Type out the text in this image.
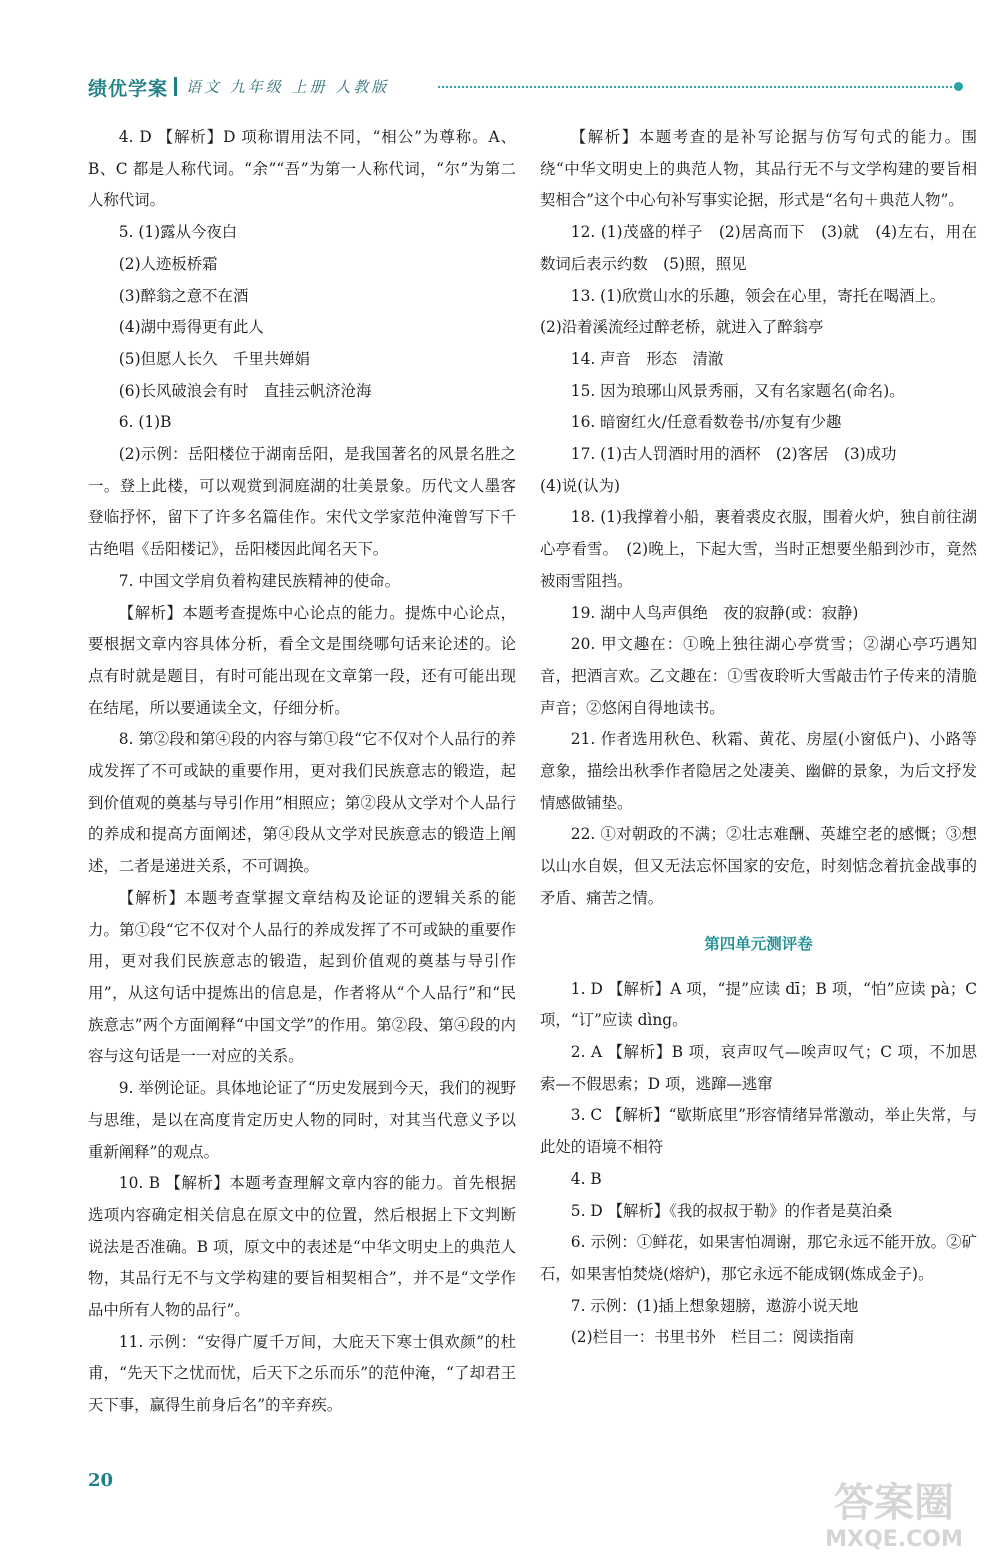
绩优学案 语文 九年级 上册 人教版

4. D 【解析】D 项称谓用法不同，“相公”为尊称。A、B、C 都是人称代词。“余”“吾”为第一人称代词，“尔”为第二人称代词。

5. (1)露从今夜白

(2)人迹板桥霜

(3)醉翁之意不在酒

(4)湖中焉得更有此人

(5)但愿人长久　千里共婵娟

(6)长风破浪会有时　直挂云帆济沧海

6. (1)B

(2)示例：岳阳楼位于湖南岳阳，是我国著名的风景名胜之一。登上此楼，可以观赏到洞庭湖的壮美景象。历代文人墨客登临抒怀，留下了许多名篇佳作。宋代文学家范仲淹曾写下千古绝唱《岳阳楼记》，岳阳楼因此闻名天下。

7. 中国文学肩负着构建民族精神的使命。

【解析】本题考查提炼中心论点的能力。提炼中心论点，要根据文章内容具体分析，看全文是围绕哪句话来论述的。论点有时就是题目，有时可能出现在文章第一段，还有可能出现在结尾，所以要通读全文，仔细分析。

8. 第②段和第④段的内容与第①段“它不仅对个人品行的养成发挥了不可或缺的重要作用，更对我们民族意志的锻造，起到价值观的奠基与导引作用”相照应；第②段从文学对个人品行的养成和提高方面阐述，第④段从文学对民族意志的锻造上阐述，二者是递进关系，不可调换。

【解析】本题考查掌握文章结构及论证的逻辑关系的能力。第①段“它不仅对个人品行的养成发挥了不可或缺的重要作用，更对我们民族意志的锻造，起到价值观的奠基与导引作用”，从这句话中提炼出的信息是，作者将从“个人品行”和“民族意志”两个方面阐释“中国文学”的作用。第②段、第④段的内容与这句话是一一对应的关系。

9. 举例论证。具体地论证了“历史发展到今天，我们的视野与思维，是以在高度肯定历史人物的同时，对其当代意义予以重新阐释”的观点。

10. B 【解析】本题考查理解文章内容的能力。首先根据选项内容确定相关信息在原文中的位置，然后根据上下文判断说法是否准确。B 项，原文中的表述是“中华文明史上的典范人物，其品行无不与文学构建的要旨相契相合”，并不是“文学作品中所有人物的品行”。

11. 示例：“安得广厦千万间，大庇天下寒士俱欢颜”的杜甫，“先天下之忧而忧，后天下之乐而乐”的范仲淹，“了却君王天下事，赢得生前身后名”的辛弃疾。

【解析】本题考查的是补写论据与仿写句式的能力。围绕“中华文明史上的典范人物，其品行无不与文学构建的要旨相契相合”这个中心句补写事实论据，形式是“名句＋典范人物”。

12. (1)茂盛的样子　(2)居高而下　(3)就　(4)左右，用在数词后表示约数　(5)照，照见

13. (1)欣赏山水的乐趣，领会在心里，寄托在喝酒上。

(2)沿着溪流经过醉老桥，就进入了醉翁亭

14. 声音　形态　清澈

15. 因为琅琊山风景秀丽，又有名家题名(命名)。

16. 暗窗红火/任意看数卷书/亦复有少趣

17. (1)古人罚酒时用的酒杯　(2)客居　(3)成功

(4)说(认为)

18. (1)我撑着小船，裹着裘皮衣服，围着火炉，独自前往湖心亭看雪。　(2)晚上，下起大雪，当时正想要坐船到沙市，竟然被雨雪阻挡。

19. 湖中人鸟声俱绝　夜的寂静(或：寂静)

20. 甲文趣在：①晚上独往湖心亭赏雪；②湖心亭巧遇知音，把酒言欢。乙文趣在：①雪夜聆听大雪敲击竹子传来的清脆声音；②悠闲自得地读书。

21. 作者选用秋色、秋霜、黄花、房屋(小窗低户)、小路等意象，描绘出秋季作者隐居之处凄美、幽僻的景象，为后文抒发情感做铺垫。

22. ①对朝政的不满；②壮志难酬、英雄空老的感慨；③想以山水自娱，但又无法忘怀国家的安危，时刻惦念着抗金战事的矛盾、痛苦之情。

第四单元测评卷

1. D 【解析】A 项，“提”应读 dī；B 项，“怕”应读 pà；C 项，“订”应读 dìng。

2. A 【解析】B 项，哀声叹气—唉声叹气；C 项，不加思索—不假思索；D 项，逃蹿—逃窜

3. C 【解析】“歇斯底里”形容情绪异常激动，举止失常，与此处的语境不相符

4. B

5. D 【解析】《我的叔叔于勒》的作者是莫泊桑

6. 示例：①鲜花，如果害怕凋谢，那它永远不能开放。②矿石，如果害怕焚烧(熔炉)，那它永远不能成钢(炼成金子)。

7. 示例：(1)插上想象翅膀，遨游小说天地

(2)栏目一：书里书外　栏目二：阅读指南

20	答案圈
MXQE.COM
